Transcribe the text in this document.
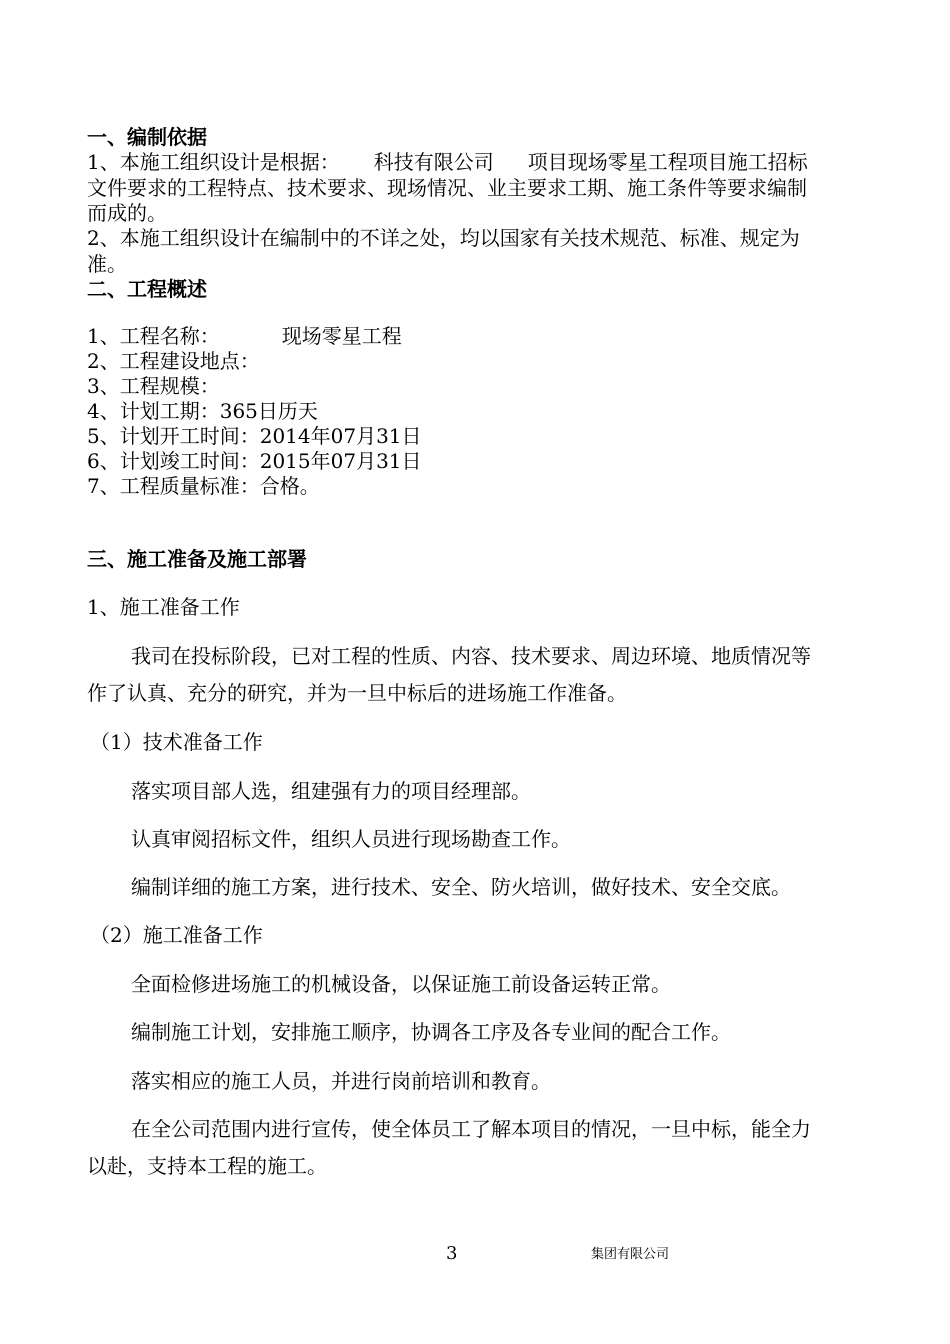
一、编制依据
1、本施工组织设计是根据： 科技有限公司 项目现场零星工程项目施工招标
文件要求的工程特点、技术要求、现场情况、业主要求工期、施工条件等要求编制
而成的。
2、本施工组织设计在编制中的不详之处，均以国家有关技术规范、标准、规定为
准。
二、工程概述
1、工程名称：	现场零星工程
2、工程建设地点：
3、工程规模：
4、计划工期：365日历天
5、计划开工时间：2014年07月31日
6、计划竣工时间：2015年07月31日
7、工程质量标准：合格。
三、施工准备及施工部署
1、施工准备工作
我司在投标阶段，已对工程的性质、内容、技术要求、周边环境、地质情况等
作了认真、充分的研究，并为一旦中标后的进场施工作准备。
（1）技术准备工作
落实项目部人选，组建强有力的项目经理部。
认真审阅招标文件，组织人员进行现场勘查工作。
编制详细的施工方案，进行技术、安全、防火培训，做好技术、安全交底。
（2）施工准备工作
全面检修进场施工的机械设备，以保证施工前设备运转正常。
编制施工计划，安排施工顺序，协调各工序及各专业间的配合工作。
落实相应的施工人员，并进行岗前培训和教育。
在全公司范围内进行宣传，使全体员工了解本项目的情况，一旦中标，能全力
以赴，支持本工程的施工。
3	集团有限公司
